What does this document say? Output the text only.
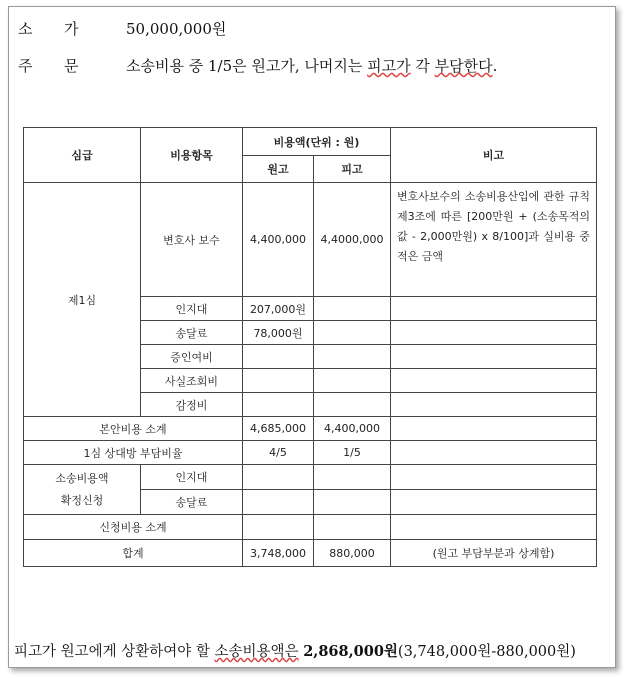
소 가	50,000,000원
주 문	소송비용 중 1/5은 원고가, 나머지는 피고가 각 부담한다.
심급	비용항목	비용액(단위 : 원)		비고
		원고	피고	
제1심	변호사 보수	4,400,000	4,4000,000	변호사보수의 소송비용산입에 관한 규칙 제3조에 따른 [200만원 + (소송목적의 값 - 2,000만원) x 8/100]과 실비용 중 적은 금액
	인지대	207,000원		
	송달료	78,000원		
	증인여비			
	사실조회비			
	감정비			
본안비용 소계		4,685,000	4,400,000	
1심 상대방 부담비율		4/5	1/5	

소송비용액
확정신청	인지대			
	송달료			
신청비용 소계				
합계		3,748,000	880,000	(원고 부담부분과 상계함)
피고가 원고에게 상환하여야 할 소송비용액은 2,868,000원(3,748,000원-880,000원)
